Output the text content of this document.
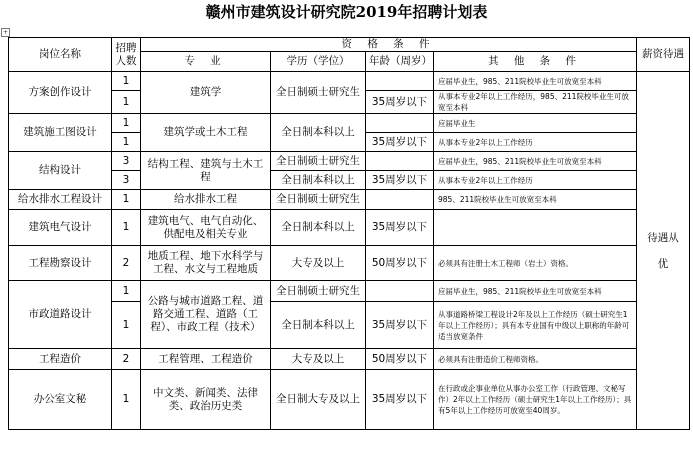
赣州市建筑设计研究院2019年招聘计划表
+
岗位名称	招聘人数	资 格 条 件				薪资待遇
		专 业	学历（学位）	年龄（周岁）	其 他 条 件	
方案创作设计	1	建筑学	全日制硕士研究生		应届毕业生，985、211院校毕业生可放宽至本科	待遇从优
	1			35周岁以下	从事本专业2年以上工作经历，985、211院校毕业生可放宽至本科	
建筑施工图设计	1	建筑学或土木工程	全日制本科以上		应届毕业生	
	1			35周岁以下	从事本专业2年以上工作经历	
结构设计	3	结构工程、建筑与土木工程	全日制硕士研究生		应届毕业生，985、211院校毕业生可放宽至本科	
	3		全日制本科以上	35周岁以下	从事本专业2年以上工作经历	
给水排水工程设计	1	给水排水工程	全日制硕士研究生		985、211院校毕业生可放宽至本科	
建筑电气设计	1	建筑电气、电气自动化、供配电及相关专业	全日制本科以上	35周岁以下		
工程勘察设计	2	地质工程、地下水科学与工程、水文与工程地质	大专及以上	50周岁以下	必须具有注册土木工程师（岩土）资格。	
市政道路设计	1	公路与城市道路工程、道路交通工程、道路（工程）、市政工程（技术）	全日制硕士研究生		应届毕业生，985、211院校毕业生可放宽至本科	
	1		全日制本科以上	35周岁以下	从事道路桥梁工程设计2年及以上工作经历（硕士研究生1年以上工作经历）；具有本专业国有中级以上职称的年龄可适当放宽条件	
工程造价	2	工程管理、工程造价	大专及以上	50周岁以下	必须具有注册造价工程师资格。	
办公室文秘	1	中文类、新闻类、法律类、政治历史类	全日制大专及以上	35周岁以下	在行政或企事业单位从事办公室工作（行政管理、文秘写作）2年以上工作经历（硕士研究生1年以上工作经历）；具有5年以上工作经历可放宽至40周岁。	
